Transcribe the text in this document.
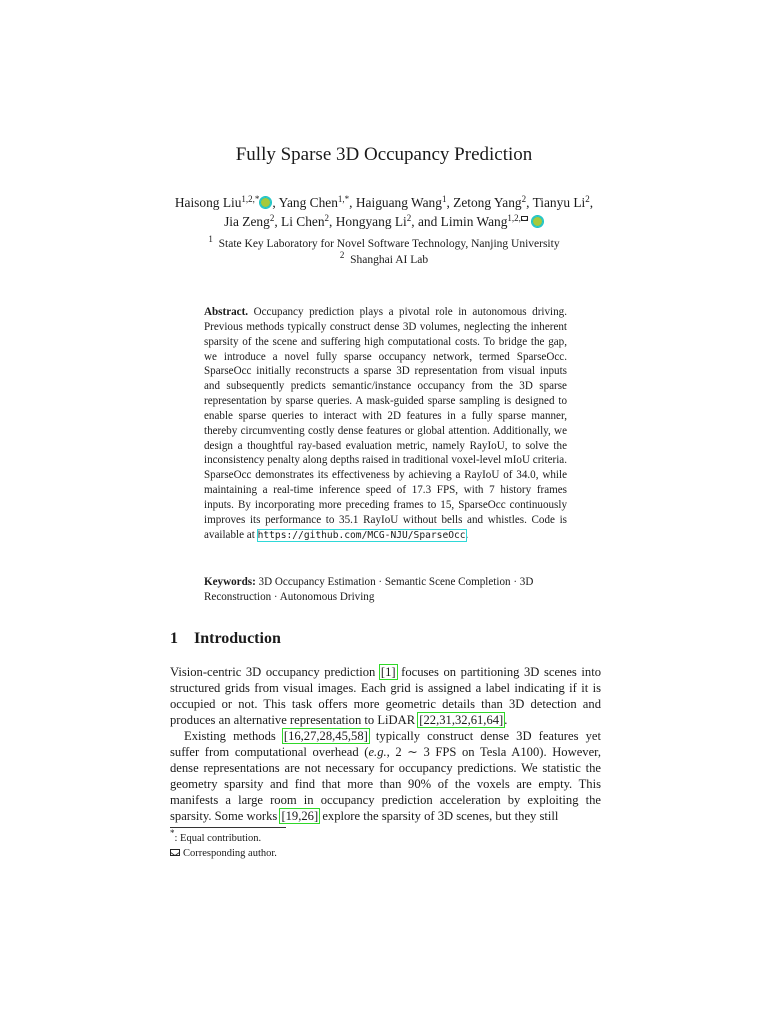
Fully Sparse 3D Occupancy Prediction
Haisong Liu$^{1,2,*}$ , Yang Chen$^{1,*}$, Haiguang Wang$^1$, Zetong Yang$^2$, Tianyu Li$^2$,
Jia Zeng$^2$, Li Chen$^2$, Hongyang Li$^2$, and Limin Wang$^{1,2,}$
$^1$ State Key Laboratory for Novel Software Technology, Nanjing University
$^2$ Shanghai AI Lab
Abstract. Occupancy prediction plays a pivotal role in autonomous driving. Previous methods typically construct dense 3D volumes, neglecting the inherent sparsity of the scene and suffering high computational costs. To bridge the gap, we introduce a novel fully sparse occupancy network, termed SparseOcc. SparseOcc initially reconstructs a sparse 3D representation from visual inputs and subsequently predicts semantic/instance occupancy from the 3D sparse representation by sparse queries. A mask-guided sparse sampling is designed to enable sparse queries to interact with 2D features in a fully sparse manner, thereby circumventing costly dense features or global attention. Additionally, we design a thoughtful ray-based evaluation metric, namely RayIoU, to solve the inconsistency penalty along depths raised in traditional voxel-level mIoU criteria. SparseOcc demonstrates its effectiveness by achieving a RayIoU of 34.0, while maintaining a real-time inference speed of 17.3 FPS, with 7 history frames inputs. By incorporating more preceding frames to 15, SparseOcc continuously improves its performance to 35.1 RayIoU without bells and whistles. Code is available at https://github.com/MCG-NJU/SparseOcc.
Keywords: 3D Occupancy Estimation · Semantic Scene Completion · 3D Reconstruction · Autonomous Driving
1 Introduction

Vision-centric 3D occupancy prediction [1] focuses on partitioning 3D scenes into structured grids from visual images. Each grid is assigned a label indicating if it is occupied or not. This task offers more geometric details than 3D detection and produces an alternative representation to LiDAR [22,31,32,61,64].

Existing methods [16,27,28,45,58] typically construct dense 3D features yet suffer from computational overhead (e.g., 2 ∼ 3 FPS on Tesla A100). However, dense representations are not necessary for occupancy predictions. We statistic the geometry sparsity and find that more than 90% of the voxels are empty. This manifests a large room in occupancy prediction acceleration by exploiting the sparsity. Some works [19,26] explore the sparsity of 3D scenes, but they still

*: Equal contribution.
Corresponding author.
